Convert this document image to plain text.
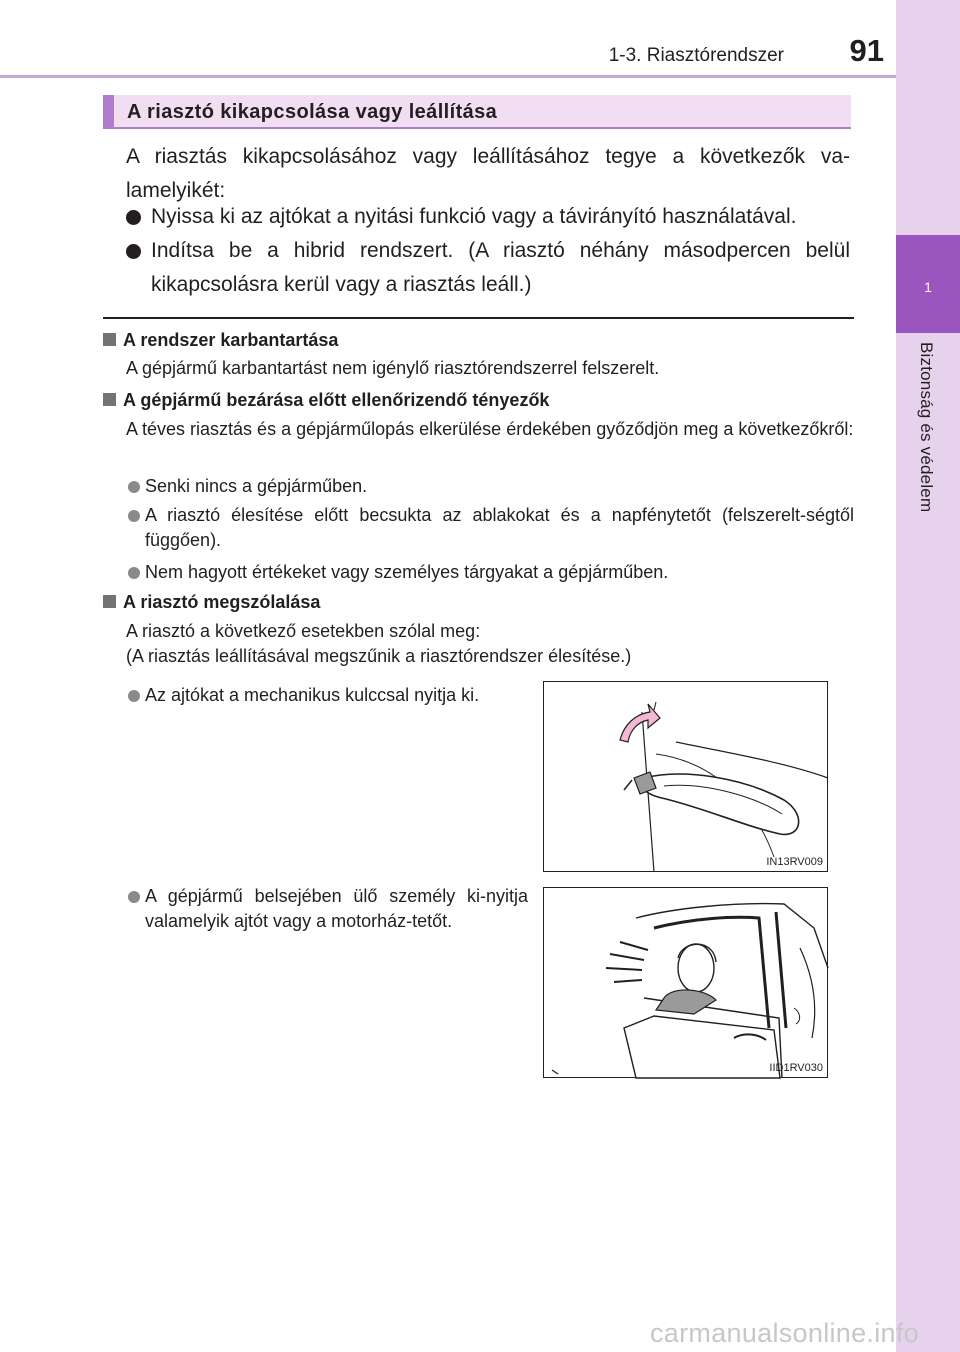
1-3. Riasztórendszer	91
1
Biztonság és védelem
A riasztó kikapcsolása vagy leállítása
A riasztás kikapcsolásához vagy leállításához tegye a következők va-lamelyikét:
Nyissa ki az ajtókat a nyitási funkció vagy a távirányító használatával.
Indítsa be a hibrid rendszert. (A riasztó néhány másodpercen belül kikapcsolásra kerül vagy a riasztás leáll.)
A rendszer karbantartása
A gépjármű karbantartást nem igénylő riasztórendszerrel felszerelt.
A gépjármű bezárása előtt ellenőrizendő tényezők
A téves riasztás és a gépjárműlopás elkerülése érdekében győződjön meg a következőkről:
Senki nincs a gépjárműben.
A riasztó élesítése előtt becsukta az ablakokat és a napfénytetőt (felszerelt-ségtől függően).
Nem hagyott értékeket vagy személyes tárgyakat a gépjárműben.
A riasztó megszólalása
A riasztó a következő esetekben szólal meg:
(A riasztás leállításával megszűnik a riasztórendszer élesítése.)
Az ajtókat a mechanikus kulccsal nyitja ki.
A gépjármű belsejében ülő személy ki-nyitja valamelyik ajtót vagy a motorház-tetőt.
IN13RV009
IID1RV030
carmanualsonline.info
